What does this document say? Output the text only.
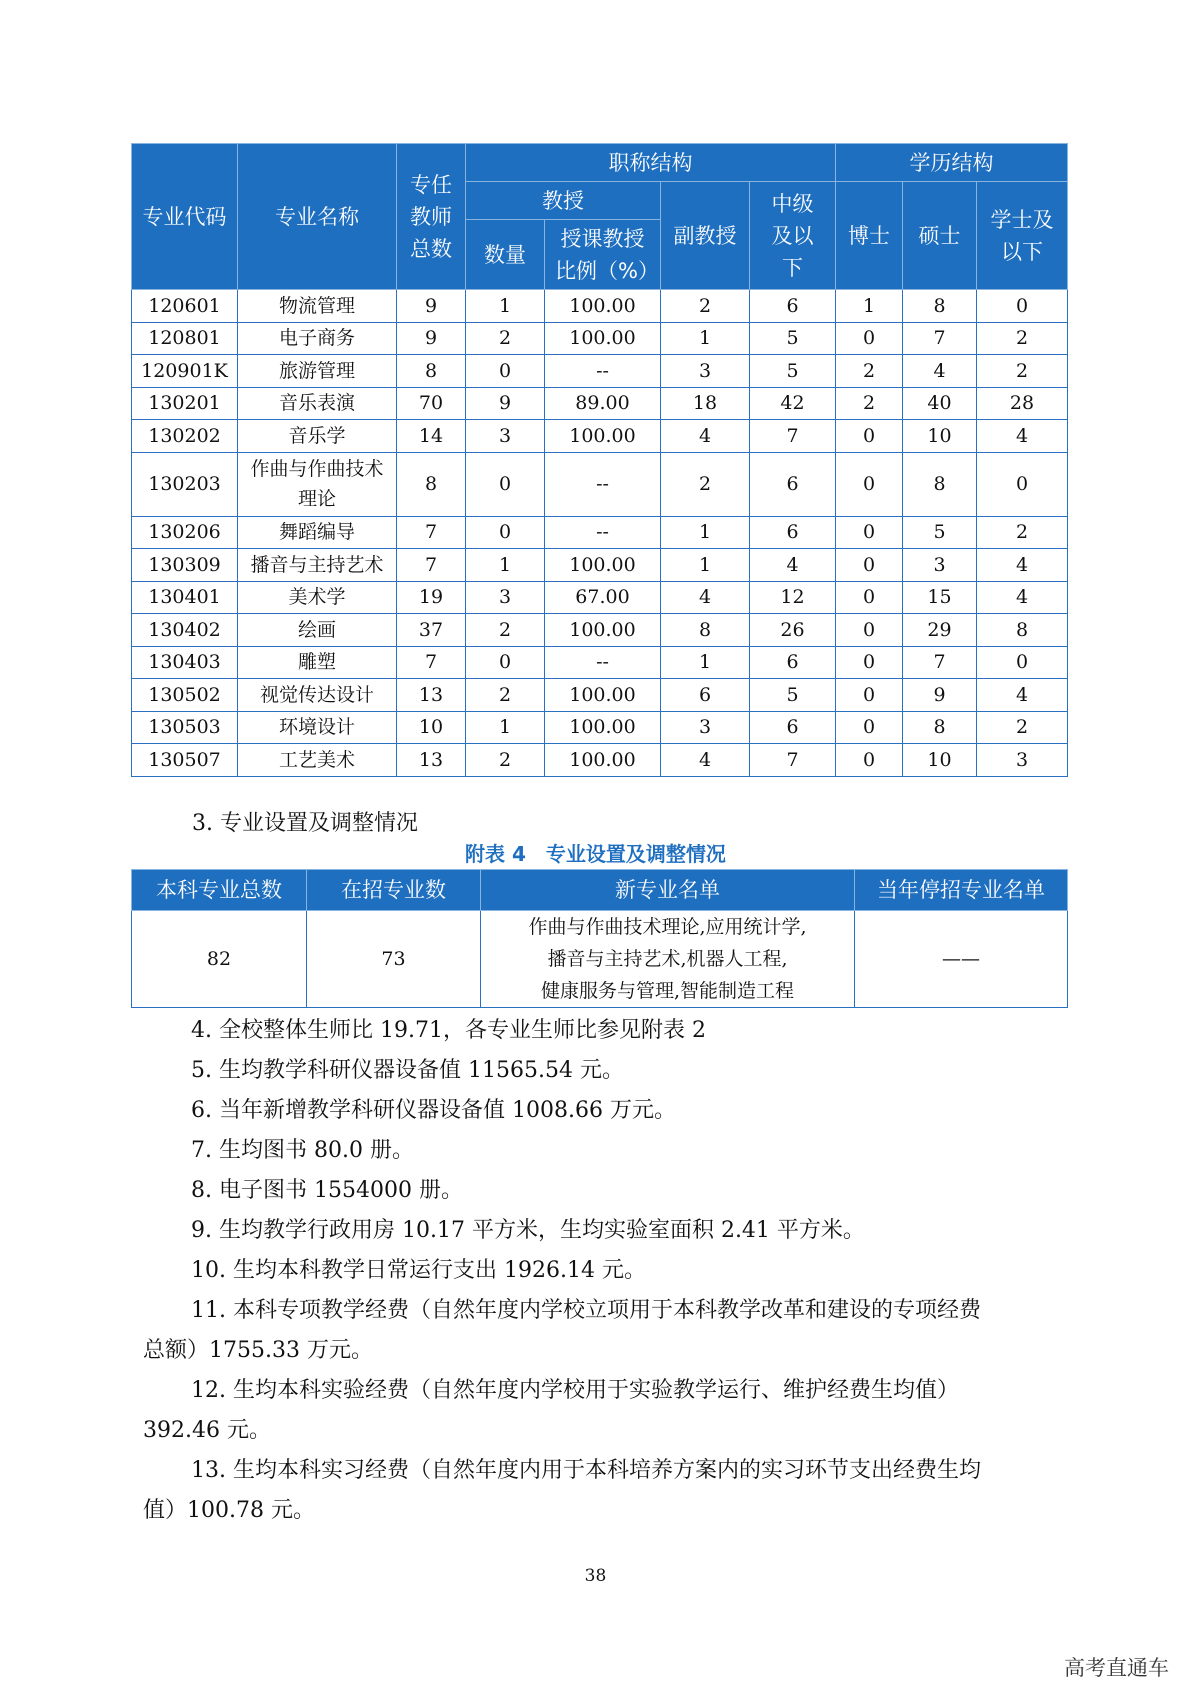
专业代码	专业名称	专任教师总数	职称结构				学历结构		
			教授		副教授	中级及以下	博士	硕士	学士及以下
			数量	授课教授比例（%）					
120601	物流管理	9	1	100.00	2	6	1	8	0
120801	电子商务	9	2	100.00	1	5	0	7	2
120901K	旅游管理	8	0	--	3	5	2	4	2
130201	音乐表演	70	9	89.00	18	42	2	40	28
130202	音乐学	14	3	100.00	4	7	0	10	4
130203	作曲与作曲技术理论	8	0	--	2	6	0	8	0
130206	舞蹈编导	7	0	--	1	6	0	5	2
130309	播音与主持艺术	7	1	100.00	1	4	0	3	4
130401	美术学	19	3	67.00	4	12	0	15	4
130402	绘画	37	2	100.00	8	26	0	29	8
130403	雕塑	7	0	--	1	6	0	7	0
130502	视觉传达设计	13	2	100.00	6	5	0	9	4
130503	环境设计	10	1	100.00	3	6	0	8	2
130507	工艺美术	13	2	100.00	4	7	0	10	3
3. 专业设置及调整情况
附表 4　专业设置及调整情况
本科专业总数	在招专业数	新专业名单	当年停招专业名单
82	73	作曲与作曲技术理论,应用统计学,
播音与主持艺术,机器人工程,
健康服务与管理,智能制造工程	——

4. 全校整体生师比 19.71，各专业生师比参见附表 2

5. 生均教学科研仪器设备值 11565.54 元。

6. 当年新增教学科研仪器设备值 1008.66 万元。

7. 生均图书 80.0 册。

8. 电子图书 1554000 册。

9. 生均教学行政用房 10.17 平方米，生均实验室面积 2.41 平方米。

10. 生均本科教学日常运行支出 1926.14 元。

11. 本科专项教学经费（自然年度内学校立项用于本科教学改革和建设的专项经费

总额）1755.33 万元。

12. 生均本科实验经费（自然年度内学校用于实验教学运行、维护经费生均值）

392.46 元。

13. 生均本科实习经费（自然年度内用于本科培养方案内的实习环节支出经费生均

值）100.78 元。

38
高考直通车
